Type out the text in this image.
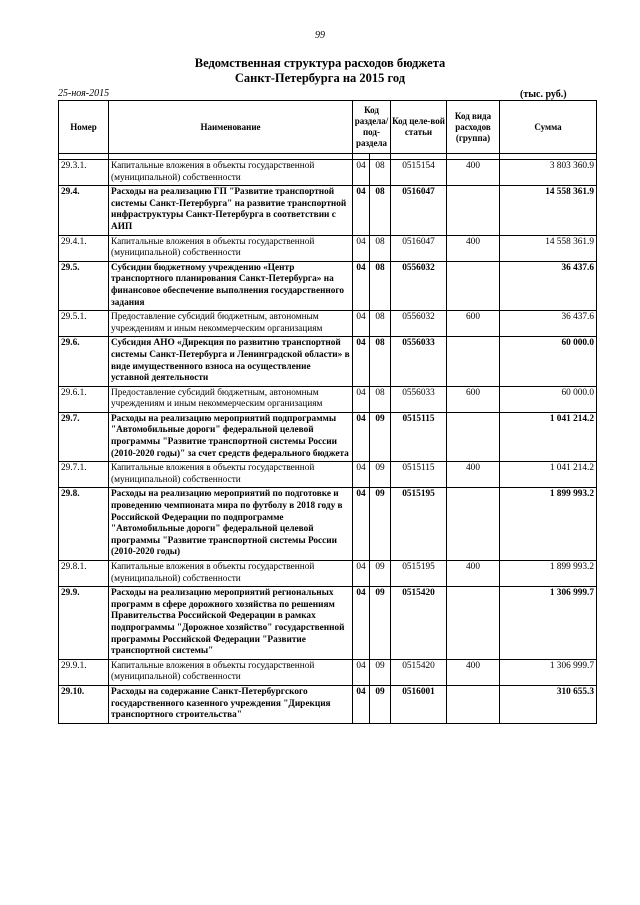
99
Ведомственная структура расходов бюджета
Санкт-Петербурга на 2015 год
25-ноя-2015	(тыс. руб.)
Номер	Наименование	Код раздела/ под-раздела		Код целе-вой статьи	Код вида расходов (группа)	Сумма

29.3.1.	Капитальные вложения в объекты государственной (муниципальной) собственности	04	08	0515154	400	3 803 360.9
29.4.	Расходы на реализацию ГП "Развитие транспортной системы Санкт-Петербурга" на развитие транспортной инфраструктуры Санкт-Петербурга в соответствии с АИП	04	08	0516047		14 558 361.9
29.4.1.	Капитальные вложения в объекты государственной (муниципальной) собственности	04	08	0516047	400	14 558 361.9
29.5.	Субсидии бюджетному учреждению «Центр транспортного планирования Санкт-Петербурга» на финансовое обеспечение выполнения государственного задания	04	08	0556032		36 437.6
29.5.1.	Предоставление субсидий бюджетным, автономным учреждениям и иным некоммерческим организациям	04	08	0556032	600	36 437.6
29.6.	Субсидия АНО «Дирекция по развитию транспортной системы Санкт-Петербурга и Ленинградской области» в виде имущественного взноса на осуществление уставной деятельности	04	08	0556033		60 000.0
29.6.1.	Предоставление субсидий бюджетным, автономным учреждениям и иным некоммерческим организациям	04	08	0556033	600	60 000.0
29.7.	Расходы на реализацию мероприятий подпрограммы "Автомобильные дороги" федеральной целевой программы "Развитие транспортной системы России (2010-2020 годы)" за счет средств федерального бюджета	04	09	0515115		1 041 214.2
29.7.1.	Капитальные вложения в объекты государственной (муниципальной) собственности	04	09	0515115	400	1 041 214.2
29.8.	Расходы на реализацию мероприятий по подготовке и проведению чемпионата мира по футболу в 2018 году в Российской Федерации по подпрограмме "Автомобильные дороги" федеральной целевой программы "Развитие транспортной системы России (2010-2020 годы)	04	09	0515195		1 899 993.2
29.8.1.	Капитальные вложения в объекты государственной (муниципальной) собственности	04	09	0515195	400	1 899 993.2
29.9.	Расходы на реализацию мероприятий региональных программ в сфере дорожного хозяйства по решениям Правительства Российской Федерации в рамках подпрограммы "Дорожное хозяйство" государственной программы Российской Федерации "Развитие транспортной системы"	04	09	0515420		1 306 999.7
29.9.1.	Капитальные вложения в объекты государственной (муниципальной) собственности	04	09	0515420	400	1 306 999.7
29.10.	Расходы на содержание Санкт-Петербургского государственного казенного учреждения "Дирекция транспортного строительства"	04	09	0516001		310 655.3
